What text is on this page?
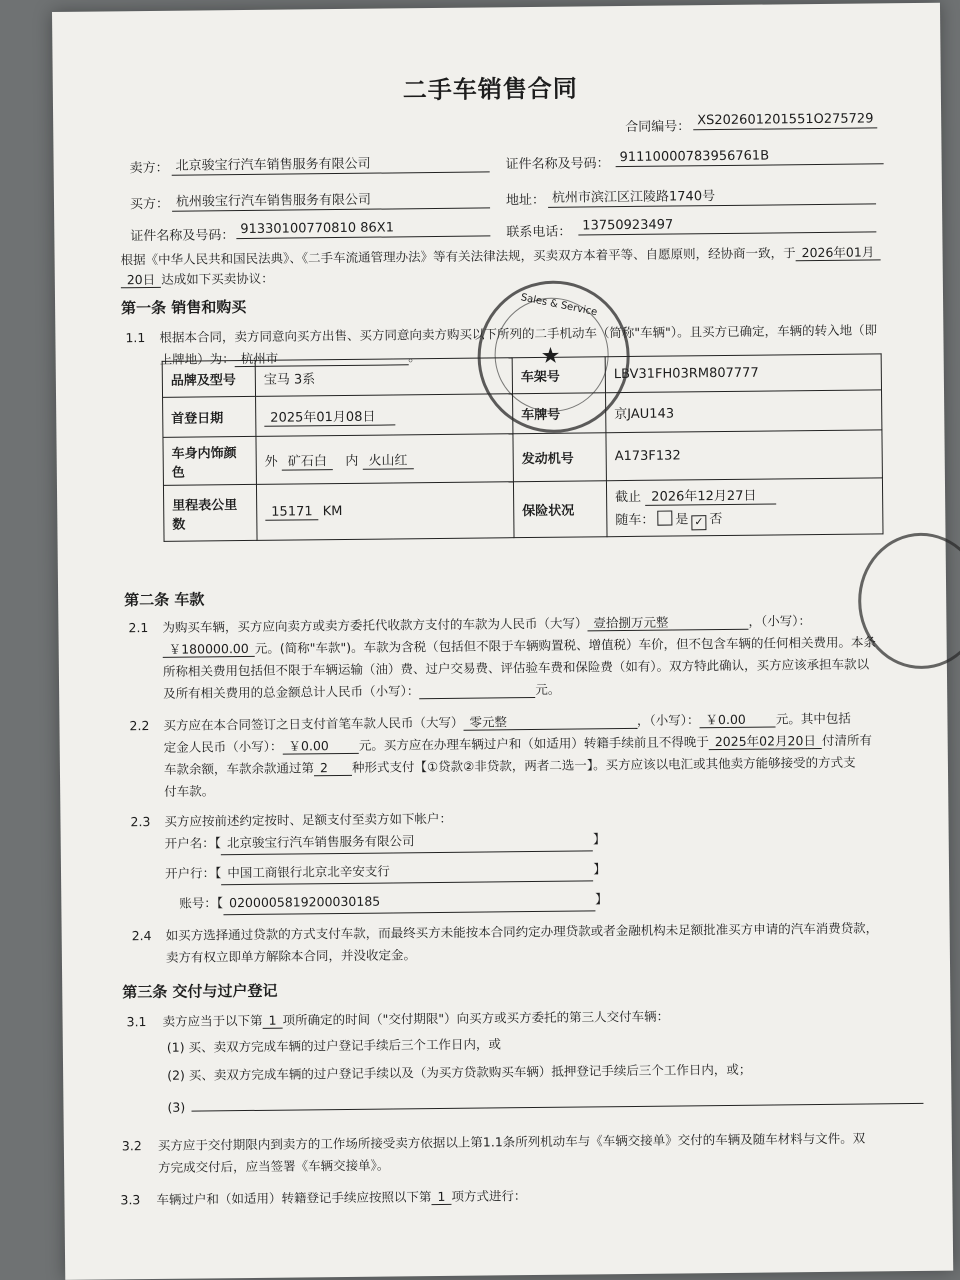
二手车销售合同
合同编号： XS202601201551O275729
卖方： 北京骏宝行汽车销售服务有限公司	证件名称及号码： 91110000783956761B
买方： 杭州骏宝行汽车销售服务有限公司	地址： 杭州市滨江区江陵路1740号
证件名称及号码： 91330100770810 86X1	联系电话： 13750923497
根据《中华人民共和国民法典》、《二手车流通管理办法》等有关法律法规，买卖双方本着平等、自愿原则，经协商一致，于 2026年01月
20日 达成如下买卖协议：
第一条 销售和购买
1.1 根据本合同，卖方同意向买方出售、买方同意向卖方购买以下所列的二手机动车（简称"车辆"）。且买方已确定，车辆的转入地（即
上牌地）为： 杭州市	。
品牌及型号	宝马 3系	车架号	LBV31FH03RM807777
首登日期	2025年01月08日	车牌号	京JAU143
车身内饰颜色	外 矿石白 内 火山红	发动机号	A173F132
里程表公里数	15171 KM	保险状况	截止 2026年12月27日
随车： 是 ✓ 否
Sales & Service
★
第二条 车款
2.1 为购买车辆，买方应向卖方或卖方委托代收款方支付的车款为人民币（大写） 壹拾捌万元整	，（小写）：
￥180000.00 元。(简称"车款")。车款为含税（包括但不限于车辆购置税、增值税）车价，但不包含车辆的任何相关费用。本条
所称相关费用包括但不限于车辆运输（油）费、过户交易费、评估验车费和保险费（如有）。双方特此确认，买方应该承担车款以
及所有相关费用的总金额总计人民币（小写）：	元。
2.2 买方应在本合同签订之日支付首笔车款人民币（大写） 零元整	，（小写）： ￥0.00 元。其中包括
定金人民币（小写）： ￥0.00 元。买方应在办理车辆过户和（如适用）转籍手续前且不得晚于 2025年02月20日 付清所有
车款余额，车款余款通过第 2 种形式支付【①贷款②非贷款，两者二选一】。买方应该以电汇或其他卖方能够接受的方式支
付车款。
2.3 买方应按前述约定按时、足额支付至卖方如下帐户：
开户名：【 北京骏宝行汽车销售服务有限公司	】
开户行：【 中国工商银行北京北辛安支行	】
账号：【 0200005819200030185	】
2.4 如买方选择通过贷款的方式支付车款，而最终买方未能按本合同约定办理贷款或者金融机构未足额批准买方申请的汽车消费贷款，
卖方有权立即单方解除本合同，并没收定金。
第三条 交付与过户登记
3.1 卖方应当于以下第 1 项所确定的时间（"交付期限"）向买方或买方委托的第三人交付车辆：
(1) 买、卖双方完成车辆的过户登记手续后三个工作日内，或
(2) 买、卖双方完成车辆的过户登记手续以及（为买方贷款购买车辆）抵押登记手续后三个工作日内，或；
(3)
3.2 买方应于交付期限内到卖方的工作场所接受卖方依据以上第1.1条所列机动车与《车辆交接单》交付的车辆及随车材料与文件。双
方完成交付后，应当签署《车辆交接单》。
3.3 车辆过户和（如适用）转籍登记手续应按照以下第 1 项方式进行：
